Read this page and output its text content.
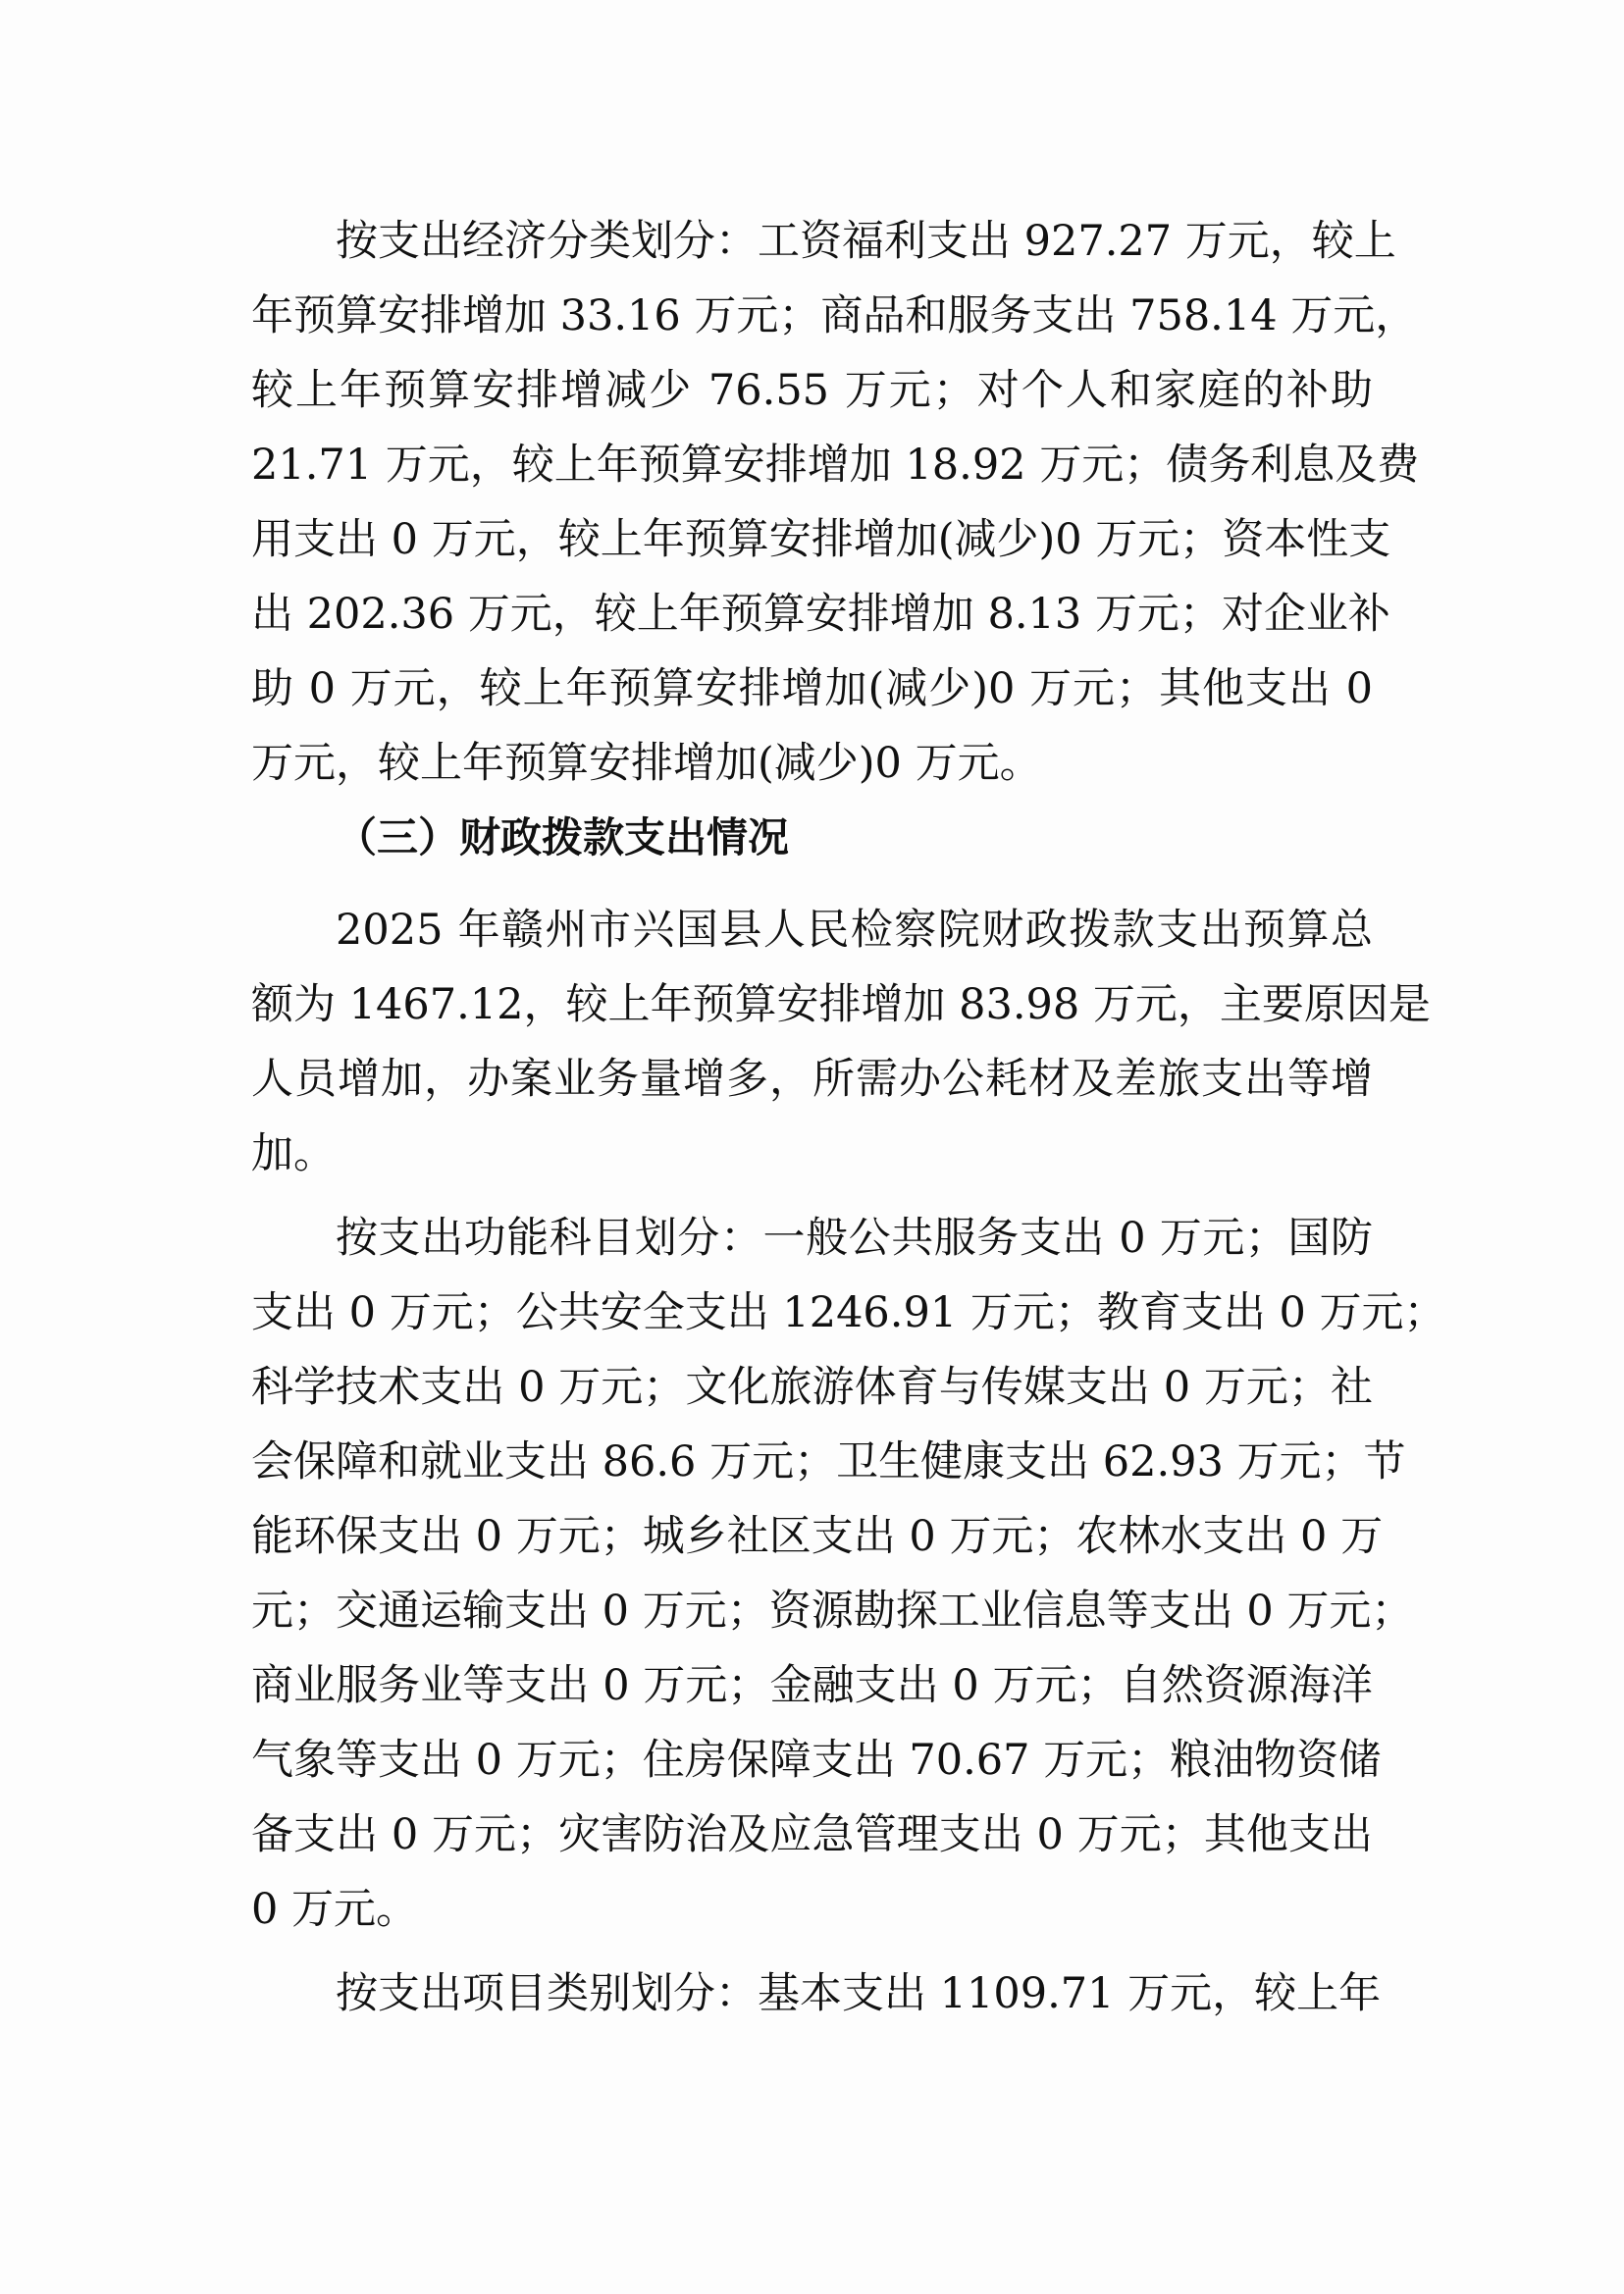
按支出经济分类划分：工资福利支出 927.27 万元，较上
年预算安排增加 33.16 万元；商品和服务支出 758.14 万元，
较上年预算安排增减少 76.55 万元；对个人和家庭的补助
21.71 万元，较上年预算安排增加 18.92 万元；债务利息及费
用支出 0 万元，较上年预算安排增加(减少)0 万元；资本性支
出 202.36 万元，较上年预算安排增加 8.13 万元；对企业补
助 0 万元，较上年预算安排增加(减少)0 万元；其他支出 0
万元，较上年预算安排增加(减少)0 万元。
（三）财政拨款支出情况
2025 年赣州市兴国县人民检察院财政拨款支出预算总
额为 1467.12，较上年预算安排增加 83.98 万元，主要原因是
人员增加，办案业务量增多，所需办公耗材及差旅支出等增
加。
按支出功能科目划分：一般公共服务支出 0 万元；国防
支出 0 万元；公共安全支出 1246.91 万元；教育支出 0 万元；
科学技术支出 0 万元；文化旅游体育与传媒支出 0 万元；社
会保障和就业支出 86.6 万元；卫生健康支出 62.93 万元；节
能环保支出 0 万元；城乡社区支出 0 万元；农林水支出 0 万
元；交通运输支出 0 万元；资源勘探工业信息等支出 0 万元；
商业服务业等支出 0 万元；金融支出 0 万元；自然资源海洋
气象等支出 0 万元；住房保障支出 70.67 万元；粮油物资储
备支出 0 万元；灾害防治及应急管理支出 0 万元；其他支出
0 万元。
按支出项目类别划分：基本支出 1109.71 万元，较上年
